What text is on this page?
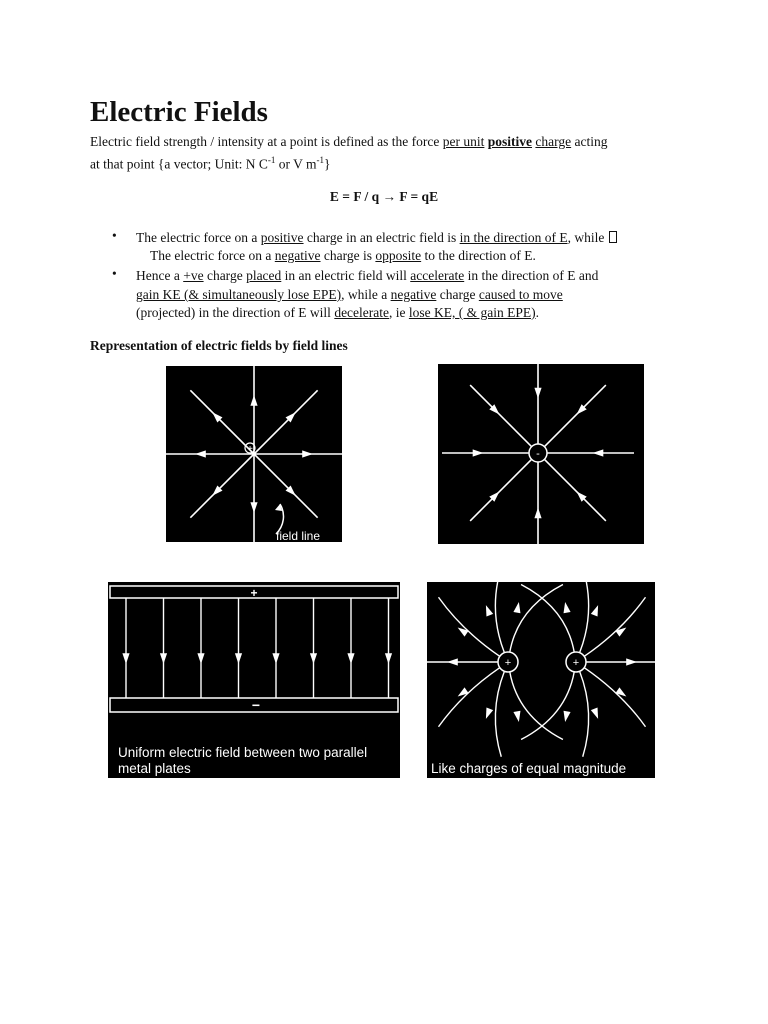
Electric Fields
Electric field strength / intensity at a point is defined as the force per unit positive charge acting
at that point {a vector; Unit: N $C^{-1}$ or V $m^{-1}$}
E = F / q → F = qE
• The electric force on a positive charge in an electric field is in the direction of E, while
The electric force on a negative charge is opposite to the direction of E.
• Hence a +ve charge placed in an electric field will accelerate in the direction of E and
gain KE (& simultaneously lose EPE), while a negative charge caused to move
(projected) in the direction of E will decelerate, ie lose KE, ( & gain EPE).
Representation of electric fields by field lines
+
field line
-
+
−
Uniform electric field between two parallel
metal plates
+	+
Like charges of equal magnitude
